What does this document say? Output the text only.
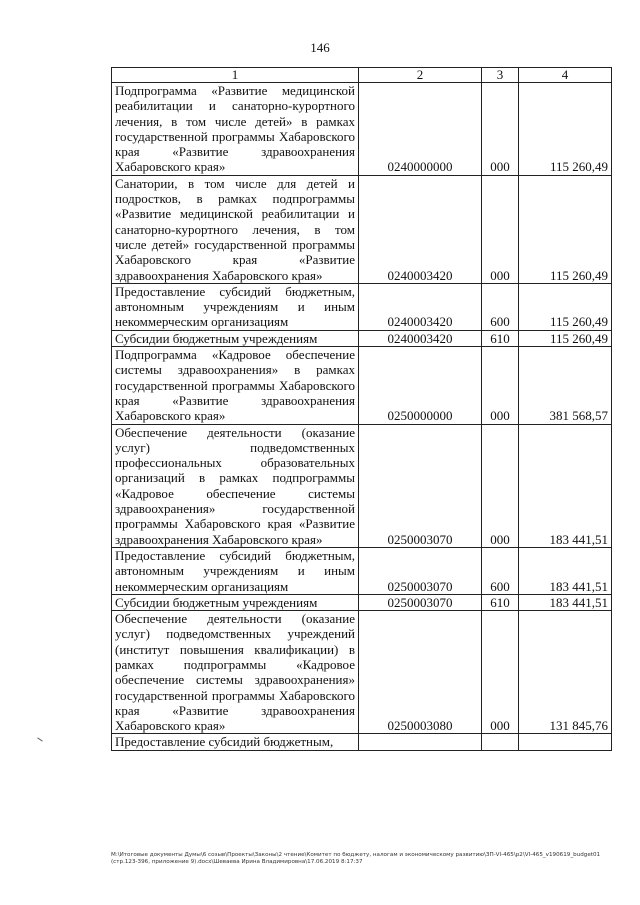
146
1	2	3	4
Подпрограмма «Развитие медицинской реабилитации и санаторно-курортного лечения, в том числе детей» в рамках государственной программы Хабаровского края «Развитие здравоохранения Хабаровского края»	0240000000	000	115 260,49
Санатории, в том числе для детей и подростков, в рамках подпрограммы «Развитие медицинской реабилитации и санаторно-курортного лечения, в том числе детей» государственной программы Хабаровского края «Развитие здравоохранения Хабаровского края»	0240003420	000	115 260,49
Предоставление субсидий бюджетным, автономным учреждениям и иным некоммерческим организациям	0240003420	600	115 260,49
Субсидии бюджетным учреждениям	0240003420	610	115 260,49
Подпрограмма «Кадровое обеспечение системы здравоохранения» в рамках государственной программы Хабаровского края «Развитие здравоохранения Хабаровского края»	0250000000	000	381 568,57
Обеспечение деятельности (оказание услуг) подведомственных профессиональных образовательных организаций в рамках подпрограммы «Кадровое обеспечение системы здравоохранения» государственной программы Хабаровского края «Развитие здравоохранения Хабаровского края»	0250003070	000	183 441,51
Предоставление субсидий бюджетным, автономным учреждениям и иным некоммерческим организациям	0250003070	600	183 441,51
Субсидии бюджетным учреждениям	0250003070	610	183 441,51
Обеспечение деятельности (оказание услуг) подведомственных учреждений (институт повышения квалификации) в рамках подпрограммы «Кадровое обеспечение системы здравоохранения» государственной программы Хабаровского края «Развитие здравоохранения Хабаровского края»	0250003080	000	131 845,76
Предоставление субсидий бюджетным,			
M:\Итоговые документы Думы\6 созыв\Проекты\Законы\2 чтение\Комитет по бюджету, налогам и экономическому развитию\ЗП-VI-465\р2\VI-465_v190619_budget01 (стр.123-396, приложение 9).docx\Шеваева Ирина Владимировна\17.06.2019 8:17:37
